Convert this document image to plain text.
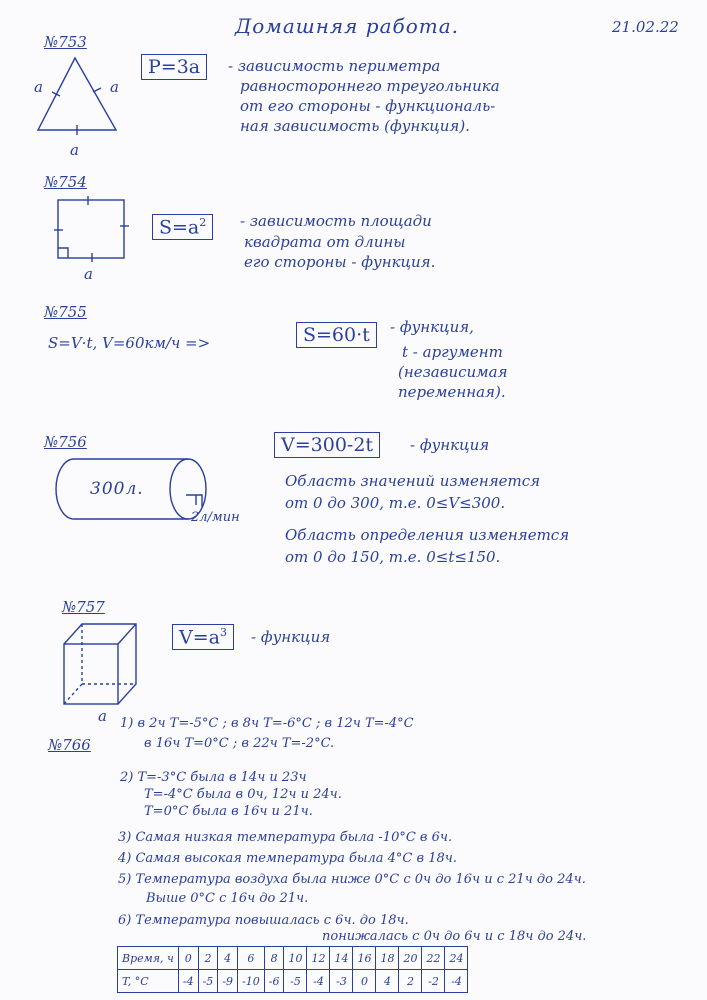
Домашняя работа.	21.02.22
№753
a	a
a
P=3a	- зависимость периметра
равностороннего треугольника
от его стороны - функциональ-
ная зависимость (функция).
№754
a
$S=a^2$	- зависимость площади
квадрата от длины
его стороны - функция.
№755
S=V·t, V=60км/ч =>	S=60·t	- функция,
t - аргумент
(независимая
переменная).
№756
300л.
2л/мин
V=300-2t	- функция
Область значений изменяется
от 0 до 300, т.е. 0≤V≤300.
Область определения изменяется
от 0 до 150, т.е. 0≤t≤150.
№757
a
$V=a^3$	- функция
№766
1) в 2ч T=-5°C ; в 8ч T=-6°C ; в 12ч T=-4°C
в 16ч T=0°C ; в 22ч T=-2°C.
2) T=-3°C была в 14ч и 23ч
T=-4°C была в 0ч, 12ч и 24ч.
T=0°C была в 16ч и 21ч.
3) Самая низкая температура была -10°C в 6ч.
4) Самая высокая температура была 4°C в 18ч.
5) Температура воздуха была ниже 0°C с 0ч до 16ч и с 21ч до 24ч.
Выше 0°C с 16ч до 21ч.
6) Температура повышалась с 6ч. до 18ч.
понижалась с 0ч до 6ч и с 18ч до 24ч.
Время, ч	0	2	4	6	8	10	12	14	16	18	20	22	24
T, °C	-4	-5	-9	-10	-6	-5	-4	-3	0	4	2	-2	-4
